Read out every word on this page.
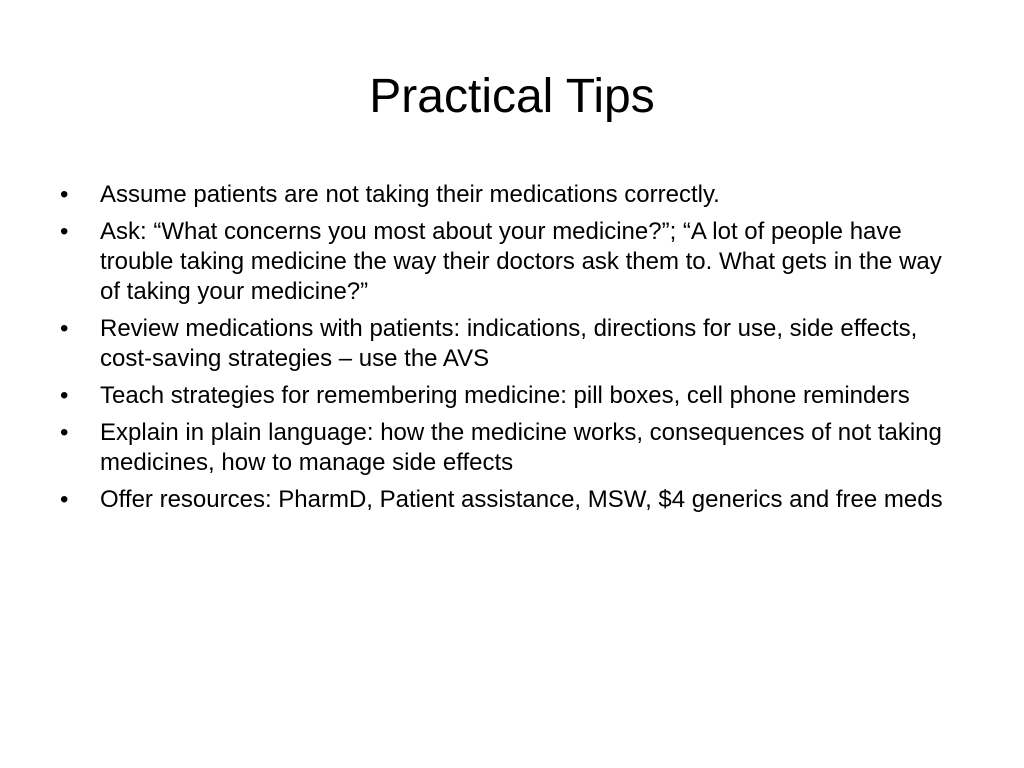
Practical Tips
•	Assume patients are not taking their medications correctly.
•	Ask: “What concerns you most about your medicine?”; “A lot of people have trouble taking medicine the way their doctors ask them to. What gets in the way of taking your medicine?”
•	Review medications with patients: indications, directions for use, side effects, cost-saving strategies – use the AVS
•	Teach strategies for remembering medicine: pill boxes, cell phone reminders
•	Explain in plain language: how the medicine works, consequences of not taking medicines, how to manage side effects
•	Offer resources: PharmD, Patient assistance, MSW, $4 generics and free meds
